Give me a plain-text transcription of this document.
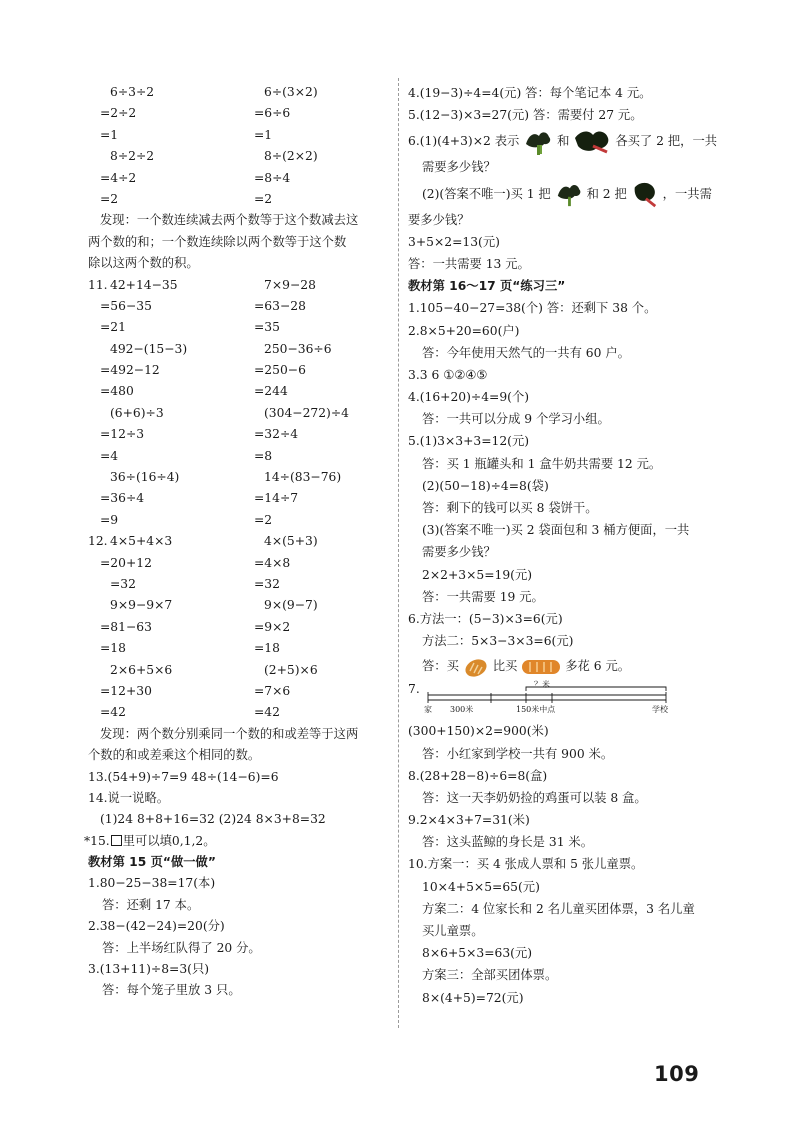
6÷3÷2	6÷(3×2)
=2÷2	=6÷6
=1	=1
8÷2÷2	8÷(2×2)
=4÷2	=8÷4
=2	=2
发现：一个数连续减去两个数等于这个数减去这
两个数的和；一个数连续除以两个数等于这个数
除以这两个数的积。
11. 42+14−35	7×9−28
=56−35	=63−28
=21	=35
492−(15−3)	250−36÷6
=492−12	=250−6
=480	=244
(6+6)÷3	(304−272)÷4
=12÷3	=32÷4
=4	=8
36÷(16÷4)	14÷(83−76)
=36÷4	=14÷7
=9	=2
12. 4×5+4×3	4×(5+3)
=20+12	=4×8
=32	=32
9×9−9×7	9×(9−7)
=81−63	=9×2
=18	=18
2×6+5×6	(2+5)×6
=12+30	=7×6
=42	=42
发现：两个数分别乘同一个数的和或差等于这两
个数的和或差乘这个相同的数。
13.(54+9)÷7=9 48÷(14−6)=6
14.说一说略。
(1)24 8+8+16=32 (2)24 8×3+8=32
*15. 里可以填0,1,2。
教材第 15 页“做一做”
1.80−25−38=17(本)
答：还剩 17 本。
2.38−(42−24)=20(分)
答：上半场红队得了 20 分。
3.(13+11)÷8=3(只)
答：每个笼子里放 3 只。
4.(19−3)÷4=4(元) 答：每个笔记本 4 元。
5.(12−3)×3=27(元) 答：需要付 27 元。
6.(1)(4+3)×2 表示	和	各买了 2 把，一共
需要多少钱？
(2)(答案不唯一)买 1 把	和 2 把	，一共需
要多少钱？
3+5×2=13(元)
答：一共需要 13 元。
教材第 16～17 页“练习三”
1.105−40−27=38(个) 答：还剩下 38 个。
2.8×5+20=60(户)
答：今年使用天然气的一共有 60 户。
3.3 6 ①②④⑤
4.(16+20)÷4=9(个)
答：一共可以分成 9 个学习小组。
5.(1)3×3+3=12(元)
答：买 1 瓶罐头和 1 盒牛奶共需要 12 元。
(2)(50−18)÷4=8(袋)
答：剩下的钱可以买 8 袋饼干。
(3)(答案不唯一)买 2 袋面包和 3 桶方便面，一共
需要多少钱？
2×2+3×5=19(元)
答：一共需要 19 元。
6.方法一：(5−3)×3=6(元)
方法二：5×3−3×3=6(元)
答：买	比买	多花 6 元。
7.	？米
家 300米	150米中点	学校
(300+150)×2=900(米)
答：小红家到学校一共有 900 米。
8.(28+28−8)÷6=8(盒)
答：这一天李奶奶捡的鸡蛋可以装 8 盒。
9.2×4×3+7=31(米)
答：这头蓝鲸的身长是 31 米。
10.方案一：买 4 张成人票和 5 张儿童票。
10×4+5×5=65(元)
方案二：4 位家长和 2 名儿童买团体票，3 名儿童
买儿童票。
8×6+5×3=63(元)
方案三：全部买团体票。
8×(4+5)=72(元)
109
